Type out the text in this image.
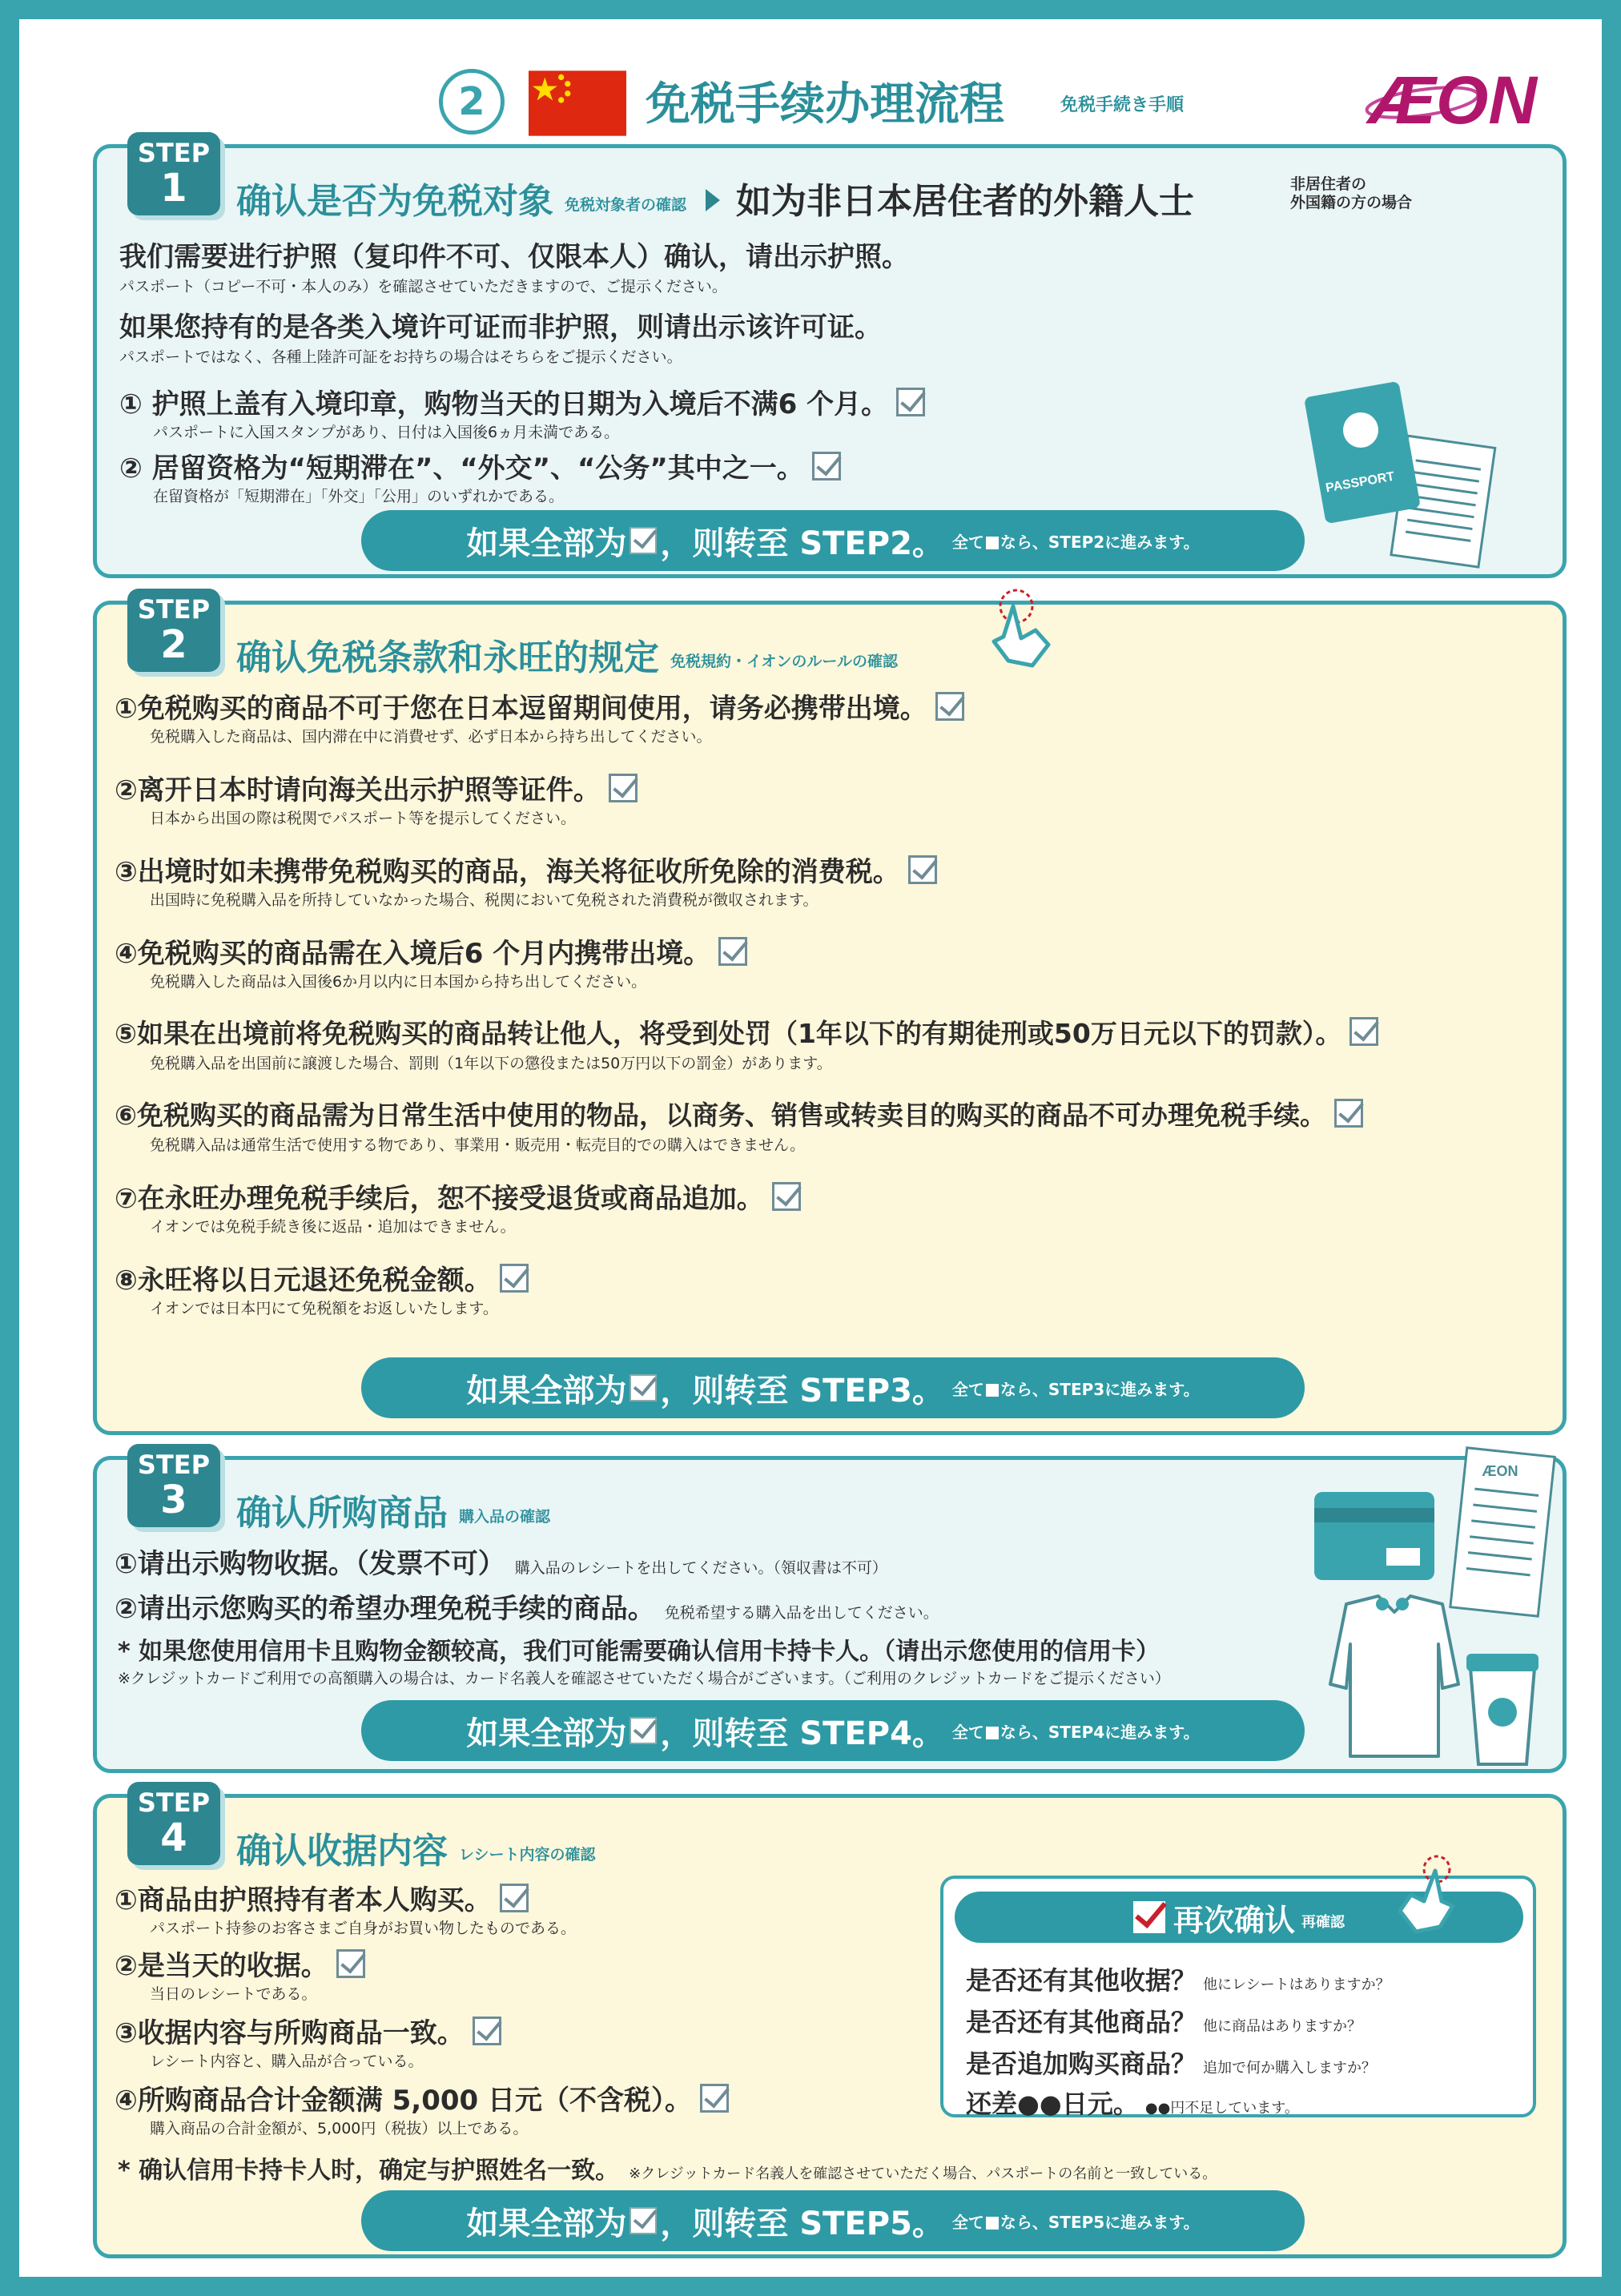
2	免税手续办理流程	免税手続き手順	ÆON
STEP
1	确认是否为免税对象 免税対象者の確認 如为非日本居住者的外籍人士	非居住者の
外国籍の方の場合
我们需要进行护照（复印件不可、仅限本人）确认，请出示护照。
パスポート（コピー不可・本人のみ）を確認させていただきますので、ご提示ください。
如果您持有的是各类入境许可证而非护照，则请出示该许可证。
パスポートではなく、各種上陸許可証をお持ちの場合はそちらをご提示ください。
① 护照上盖有入境印章，购物当天的日期为入境后不满6 个月。
パスポートに入国スタンプがあり、日付は入国後6ヵ月未満である。
② 居留资格为“短期滞在”、“外交”、“公务”其中之一。
在留資格が「短期滞在」「外交」「公用」のいずれかである。
如果全部为 ，则转至 STEP2。 全て なら、STEP2に進みます。
PASSPORT
STEP
2	确认免税条款和永旺的规定 免税規約・イオンのルールの確認
①免税购买的商品不可于您在日本逗留期间使用，请务必携带出境。
免税購入した商品は、国内滞在中に消費せず、必ず日本から持ち出してください。
②离开日本时请向海关出示护照等证件。
日本から出国の際は税関でパスポート等を提示してください。
③出境时如未携带免税购买的商品，海关将征收所免除的消费税。
出国時に免税購入品を所持していなかった場合、税関において免税された消費税が徴収されます。
④免税购买的商品需在入境后6 个月内携带出境。
免税購入した商品は入国後6か月以内に日本国から持ち出してください。
⑤如果在出境前将免税购买的商品转让他人，将受到处罚（1年以下的有期徒刑或50万日元以下的罚款）。
免税購入品を出国前に譲渡した場合、罰則（1年以下の懲役または50万円以下の罰金）があります。
⑥免税购买的商品需为日常生活中使用的物品，以商务、销售或转卖目的购买的商品不可办理免税手续。
免税購入品は通常生活で使用する物であり、事業用・販売用・転売目的での購入はできません。
⑦在永旺办理免税手续后，恕不接受退货或商品追加。
イオンでは免税手続き後に返品・追加はできません。
⑧永旺将以日元退还免税金额。
イオンでは日本円にて免税額をお返しいたします。
如果全部为 ，则转至 STEP3。 全て なら、STEP3に進みます。
STEP
3	确认所购商品 購入品の確認
①请出示购物收据。（发票不可） 購入品のレシートを出してください。（領収書は不可）
②请出示您购买的希望办理免税手续的商品。 免税希望する購入品を出してください。
* 如果您使用信用卡且购物金额较高，我们可能需要确认信用卡持卡人。（请出示您使用的信用卡）
※クレジットカードご利用での高額購入の場合は、カード名義人を確認させていただく場合がございます。（ご利用のクレジットカードをご提示ください）
如果全部为 ，则转至 STEP4。 全て なら、STEP4に進みます。
ÆON
STEP
4	确认收据内容 レシート内容の確認
①商品由护照持有者本人购买。
パスポート持参のお客さまご自身がお買い物したものである。
②是当天的收据。
当日のレシートである。
③收据内容与所购商品一致。
レシート内容と、購入品が合っている。
④所购商品合计金额满 5,000 日元（不含税）。
購入商品の合計金額が、5,000円（税抜）以上である。
* 确认信用卡持卡人时，确定与护照姓名一致。 ※クレジットカード名義人を確認させていただく場合、パスポートの名前と一致している。
如果全部为 ，则转至 STEP5。 全て なら、STEP5に進みます。
再次确认 再確認
是否还有其他收据？ 他にレシートはありますか？
是否还有其他商品？ 他に商品はありますか？
是否追加购买商品？ 追加で何か購入しますか？
还差●●日元。 ●●円不足しています。
